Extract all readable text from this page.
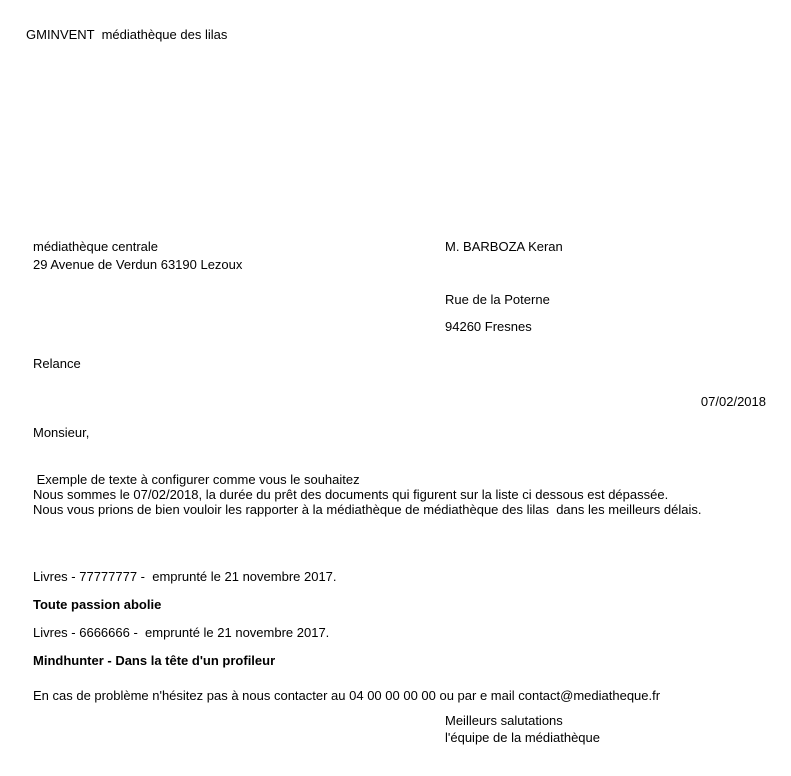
GMINVENT  médiathèque des lilas
médiathèque centrale
29 Avenue de Verdun 63190 Lezoux
M. BARBOZA Keran
Rue de la Poterne
94260 Fresnes
Relance
07/02/2018
Monsieur,
Exemple de texte à configurer comme vous le souhaitez
Nous sommes le 07/02/2018, la durée du prêt des documents qui figurent sur la liste ci dessous est dépassée.
Nous vous prions de bien vouloir les rapporter à la médiathèque de médiathèque des lilas  dans les meilleurs délais.
Livres - 77777777 -  emprunté le 21 novembre 2017.
Toute passion abolie
Livres - 6666666 -  emprunté le 21 novembre 2017.
Mindhunter - Dans la tête d'un profileur
En cas de problème n'hésitez pas à nous contacter au 04 00 00 00 00 ou par e mail contact@mediatheque.fr
Meilleurs salutations
l'équipe de la médiathèque
